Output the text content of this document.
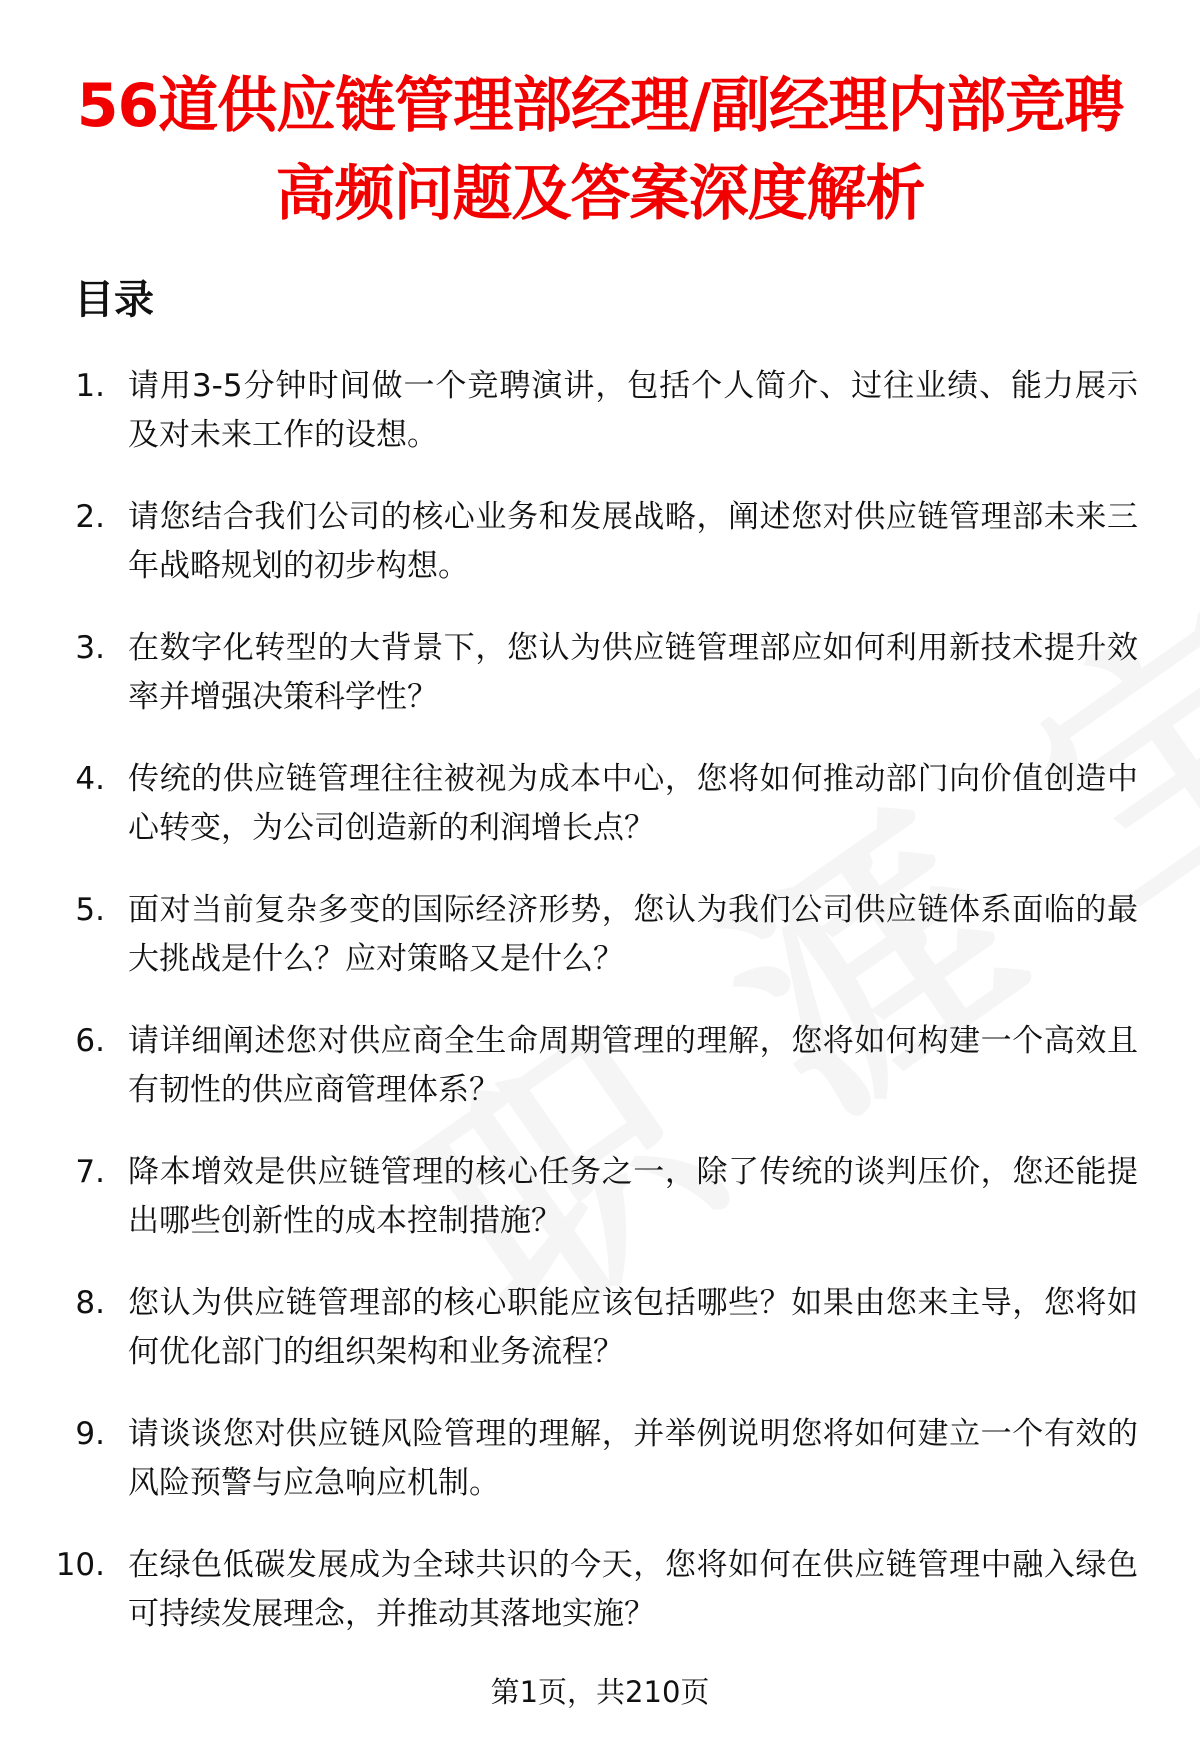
56道供应链管理部经理/副经理内部竞聘高频问题及答案深度解析
目录
1. 请用3-5分钟时间做一个竞聘演讲，包括个人简介、过往业绩、能力展示及对未来工作的设想。
2. 请您结合我们公司的核心业务和发展战略，阐述您对供应链管理部未来三年战略规划的初步构想。
3. 在数字化转型的大背景下，您认为供应链管理部应如何利用新技术提升效率并增强决策科学性？
4. 传统的供应链管理往往被视为成本中心，您将如何推动部门向价值创造中心转变，为公司创造新的利润增长点？
5. 面对当前复杂多变的国际经济形势，您认为我们公司供应链体系面临的最大挑战是什么？应对策略又是什么？
6. 请详细阐述您对供应商全生命周期管理的理解，您将如何构建一个高效且有韧性的供应商管理体系？
7. 降本增效是供应链管理的核心任务之一，除了传统的谈判压价，您还能提出哪些创新性的成本控制措施？
8. 您认为供应链管理部的核心职能应该包括哪些？如果由您来主导，您将如何优化部门的组织架构和业务流程？
9. 请谈谈您对供应链风险管理的理解，并举例说明您将如何建立一个有效的风险预警与应急响应机制。
10. 在绿色低碳发展成为全球共识的今天，您将如何在供应链管理中融入绿色可持续发展理念，并推动其落地实施？
第1页，共210页
